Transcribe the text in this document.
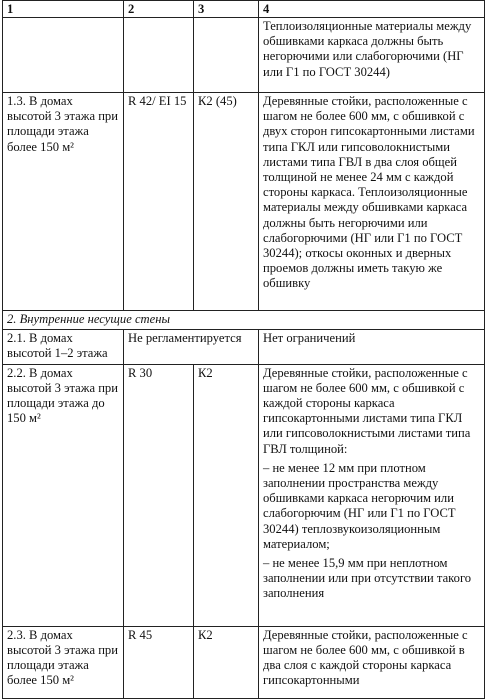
1	2	3	4
			Теплоизоляционные материалы между обшивками каркаса должны быть негорючими или слабогорючими (НГ или Г1 по ГОСТ 30244)
1.3. В домах высотой 3 этажа при площади этажа более 150 м²	R 42/ EI 15	К2 (45)	Деревянные стойки, расположенные с шагом не более 600 мм, с обшивкой с двух сторон гипсокартонными листами типа ГКЛ или гипсоволокнистыми листами типа ГВЛ в два слоя общей толщиной не менее 24 мм с каждой стороны каркаса. Теплоизоляционные материалы между обшивками каркаса должны быть негорючими или слабогорючими (НГ или Г1 по ГОСТ 30244); откосы оконных и дверных проемов должны иметь такую же обшивку
2. Внутренние несущие стены			
2.1. В домах высотой 1–2 этажа	Не регламентируется		Нет ограничений
2.2. В домах высотой 3 этажа при площади этажа до 150 м²	R 30	К2	Деревянные стойки, расположенные с шагом не более 600 мм, с обшивкой с каждой стороны каркаса гипсокартонными листами типа ГКЛ или гипсоволокнистыми листами типа ГВЛ толщиной:
– не менее 12 мм при плотном заполнении пространства между обшивками каркаса негорючим или слабогорючим (НГ или Г1 по ГОСТ 30244) теплозвукоизоляционным материалом;
– не менее 15,9 мм при неплотном заполнении или при отсутствии такого заполнения

2.3. В домах высотой 3 этажа при площади этажа более 150 м²	R 45	К2	Деревянные стойки, расположенные с шагом не более 600 мм, с обшивкой в два слоя с каждой стороны каркаса гипсокартонными
